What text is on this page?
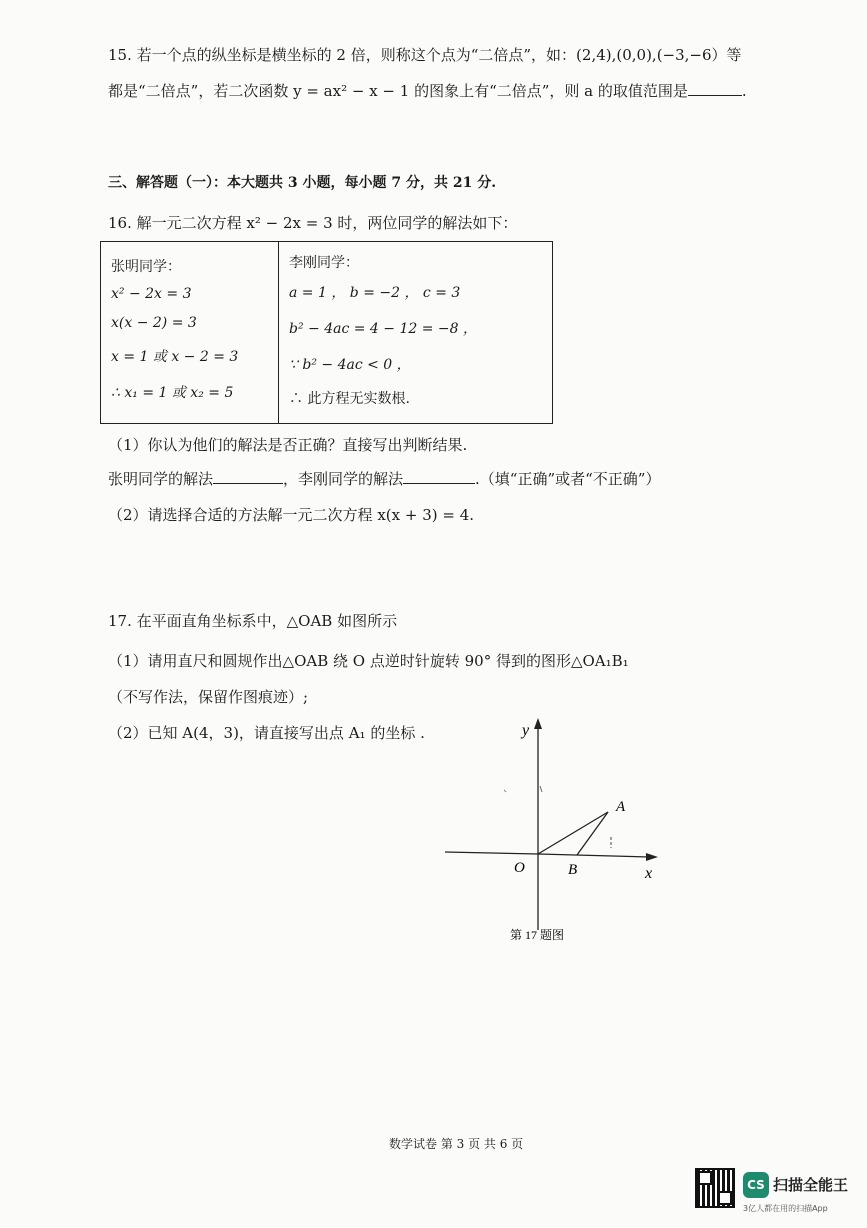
15. 若一个点的纵坐标是横坐标的 2 倍，则称这个点为“二倍点”，如：(2,4),(0,0),(−3,−6）等
都是“二倍点”，若二次函数 y = ax² − x − 1 的图象上有“二倍点”，则 a 的取值范围是	.
三、解答题（一）：本大题共 3 小题，每小题 7 分，共 21 分.
16. 解一元二次方程 x² − 2x = 3 时，两位同学的解法如下：
张明同学：
x² − 2x = 3
x(x − 2) = 3
x = 1 或 x − 2 = 3
∴ x₁ = 1 或 x₂ = 5

李刚同学：
a = 1 ， b = −2 ， c = 3
b² − 4ac = 4 − 12 = −8 ，
∵ b² − 4ac < 0 ，
∴ 此方程无实数根.
（1）你认为他们的解法是否正确？直接写出判断结果.
张明同学的解法	，李刚同学的解法	.（填“正确”或者“不正确”）
（2）请选择合适的方法解一元二次方程 x(x + 3) = 4.
17. 在平面直角坐标系中，△OAB 如图所示
（1）请用直尺和圆规作出△OAB 绕 O 点逆时针旋转 90° 得到的图形△OA₁B₁
（不写作法，保留作图痕迹）;
（2）已知 A(4，3)，请直接写出点 A₁ 的坐标 .	y
x
O
A
B
第 17 题图
数学试卷 第 3 页 共 6 页
CS 扫描全能王
3亿人都在用的扫描App
